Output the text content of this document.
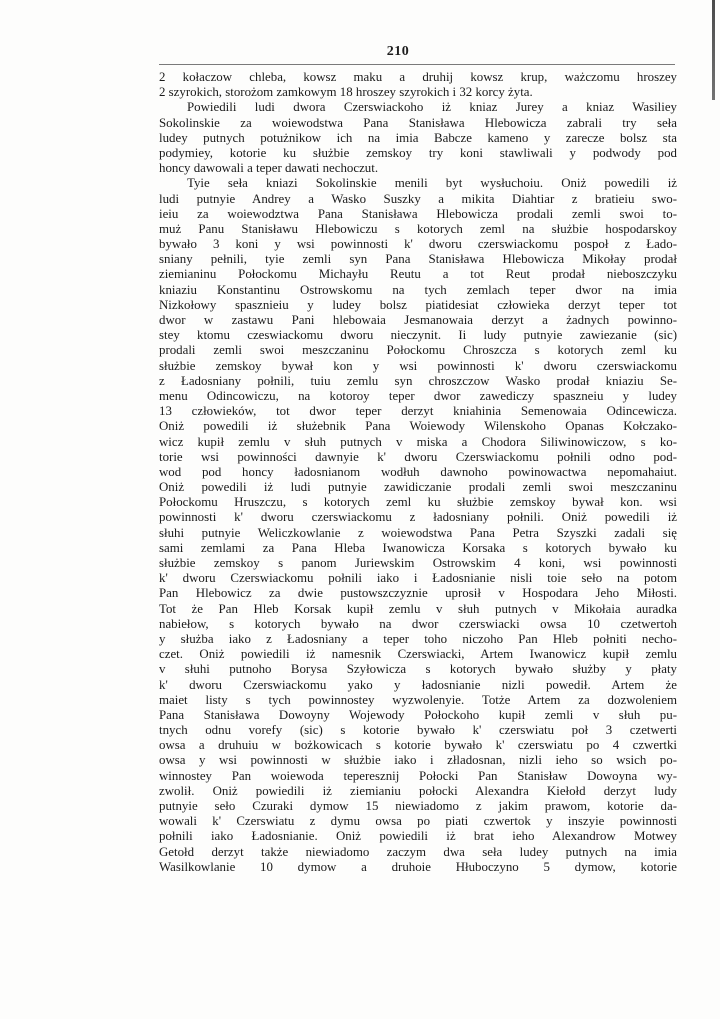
210
2 kołaczow chleba, kowsz maku a druhij kowsz krup, ważczomu hroszey
2 szyrokich, storożom zamkowym 18 hroszey szyrokich i 32 korcy żyta.
Powiedili ludi dwora Czerswiackoho iż kniaz Jurey a kniaz Wasiliey
Sokolinskie za woiewodstwa Pana Stanisława Hlebowicza zabrali try seła
ludey putnych potużnikow ich na imia Babcze kameno y zarecze bolsz sta
podymiey, kotorie ku służbie zemskoy try koni stawliwali y podwody pod
honcy dawowali a teper dawati nechoczut.
Tyie seła kniazi Sokolinskie menili byt wysłuchoiu. Oniż powedili iż
ludi putnyie Andrey a Wasko Suszky a mikita Diahtiar z bratieiu swo-
ieiu za woiewodztwa Pana Stanisława Hlebowicza prodali zemli swoi to-
muż Panu Stanisławu Hlebowiczu s kotorych zeml na służbie hospodarskoy
bywało 3 koni y wsi powinnosti k' dworu czerswiackomu pospoł z Łado-
sniany pełnili, tyie zemli syn Pana Stanisława Hlebowicza Mikołay prodał
ziemianinu Połockomu Michayłu Reutu a tot Reut prodał nieboszczyku
kniaziu Konstantinu Ostrowskomu na tych zemlach teper dwor na imia
Nizkołowy spasznieiu y ludey bolsz piatidesiat człowieka derzyt teper tot
dwor w zastawu Pani hlebowaia Jesmanowaia derzyt a żadnych powinno-
stey ktomu czeswiackomu dworu nieczynit. Ii ludy putnyie zawiezanie (sic)
prodali zemli swoi meszczaninu Połockomu Chroszcza s kotorych zeml ku
służbie zemskoy bywał kon y wsi powinnosti k' dworu czerswiackomu
z Ładosniany połnili, tuiu zemlu syn chroszczow Wasko prodał kniaziu Se-
menu Odincowiczu, na kotoroy teper dwor zawediczy spaszneiu y ludey
13 człowieków, tot dwor teper derzyt kniahinia Semenowaia Odincewicza.
Oniż powedili iż służebnik Pana Woiewody Wilenskoho Opanas Kołczako-
wicz kupił zemlu v słuh putnych v miska a Chodora Siliwinowiczow, s ko-
torie wsi powinności dawnyie k' dworu Czerswiackomu połnili odno pod-
wod pod honcy ładosnianom wodłuh dawnoho powinowactwa nepomahaiut.
Oniż powedili iż ludi putnyie zawidiczanie prodali zemli swoi meszczaninu
Połockomu Hruszczu, s kotorych zeml ku służbie zemskoy bywał kon. wsi
powinnosti k' dworu czerswiackomu z ładosniany połnili. Oniż powedili iż
słuhi putnyie Weliczkowlanie z woiewodstwa Pana Petra Szyszki zadali się
sami zemlami za Pana Hleba Iwanowicza Korsaka s kotorych bywało ku
służbie zemskoy s panom Juriewskim Ostrowskim 4 koni, wsi powinnosti
k' dworu Czerswiackomu połnili iako i Ładosnianie nisli toie seło na potom
Pan Hlebowicz za dwie pustowszczyznie uprosił v Hospodara Jeho Miłosti.
Tot że Pan Hleb Korsak kupił zemlu v słuh putnych v Mikołaia auradka
nabiełow, s kotorych bywało na dwor czerswiacki owsa 10 czetwertoh
y służba iako z Ładosniany a teper toho niczoho Pan Hleb połniti necho-
czet. Oniż powiedili iż namesnik Czerswiacki, Artem Iwanowicz kupił zemlu
v słuhi putnoho Borysa Szyłowicza s kotorych bywało służby y płaty
k' dworu Czerswiackomu yako y ładosnianie nizli powedił. Artem że
maiet listy s tych powinnostey wyzwolenyie. Totże Artem za dozwoleniem
Pana Stanisława Dowoyny Wojewody Połockoho kupił zemli v słuh pu-
tnych odnu vorefy (sic) s kotorie bywało k' czerswiatu poł 3 czetwerti
owsa a druhuiu w bożkowicach s kotorie bywało k' czerswiatu po 4 czwertki
owsa y wsi powinnosti w służbie iako i złladosnan, nizli ieho so wsich po-
winnostey Pan woiewoda teperesznij Połocki Pan Stanisław Dowoyna wy-
zwolił. Oniż powiedili iż ziemianiu połocki Alexandra Kiełołd derzyt ludy
putnyie seło Czuraki dymow 15 niewiadomo z jakim prawom, kotorie da-
wowali k' Czerswiatu z dymu owsa po piati czwertok y inszyie powinnosti
połnili iako Ładosnianie. Oniż powiedili iż brat ieho Alexandrow Motwey
Getołd derzyt także niewiadomo zaczym dwa seła ludey putnych na imia
Wasilkowlanie 10 dymow a druhoie Hłuboczyno 5 dymow, kotorie
